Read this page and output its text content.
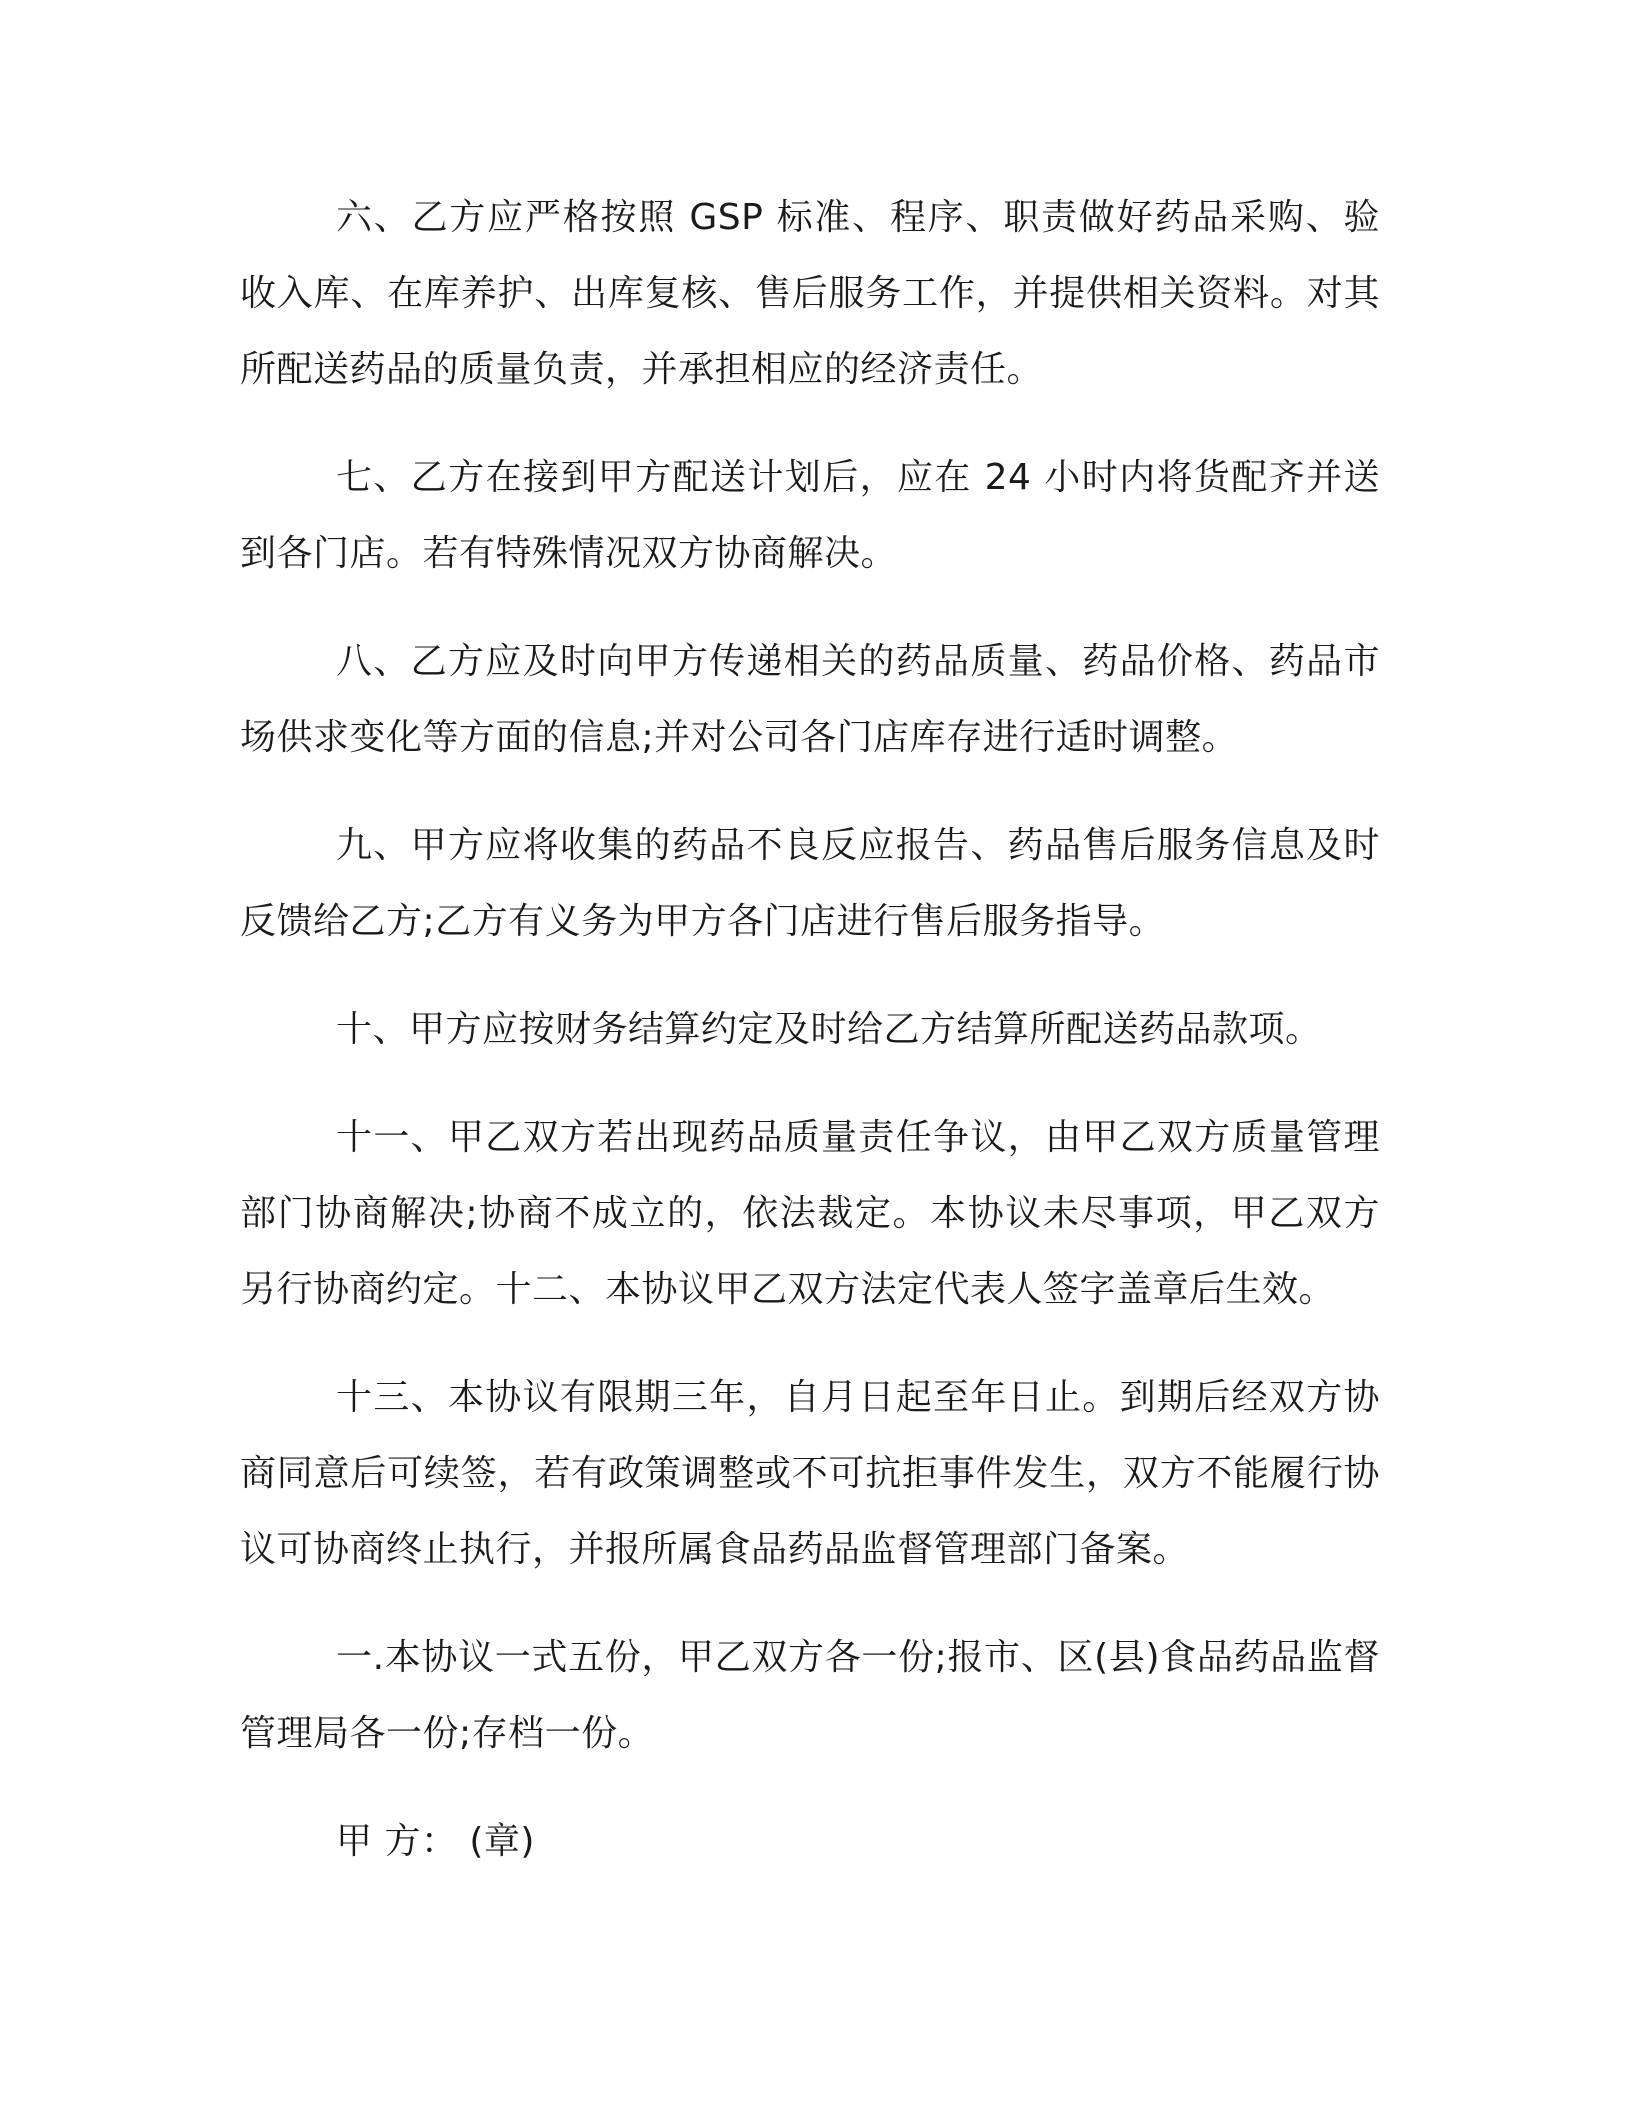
六、乙方应严格按照 GSP 标准、程序、职责做好药品采购、验收入库、在库养护、出库复核、售后服务工作，并提供相关资料。对其所配送药品的质量负责，并承担相应的经济责任。

七、乙方在接到甲方配送计划后，应在 24 小时内将货配齐并送到各门店。若有特殊情况双方协商解决。

八、乙方应及时向甲方传递相关的药品质量、药品价格、药品市场供求变化等方面的信息;并对公司各门店库存进行适时调整。

九、甲方应将收集的药品不良反应报告、药品售后服务信息及时反馈给乙方;乙方有义务为甲方各门店进行售后服务指导。

十、甲方应按财务结算约定及时给乙方结算所配送药品款项。

十一、甲乙双方若出现药品质量责任争议，由甲乙双方质量管理部门协商解决;协商不成立的，依法裁定。本协议未尽事项，甲乙双方另行协商约定。十二、本协议甲乙双方法定代表人签字盖章后生效。

十三、本协议有限期三年，自月日起至年日止。到期后经双方协商同意后可续签，若有政策调整或不可抗拒事件发生，双方不能履行协议可协商终止执行，并报所属食品药品监督管理部门备案。

一.本协议一式五份，甲乙双方各一份;报市、区(县)食品药品监督管理局各一份;存档一份。

甲 方： (章)
